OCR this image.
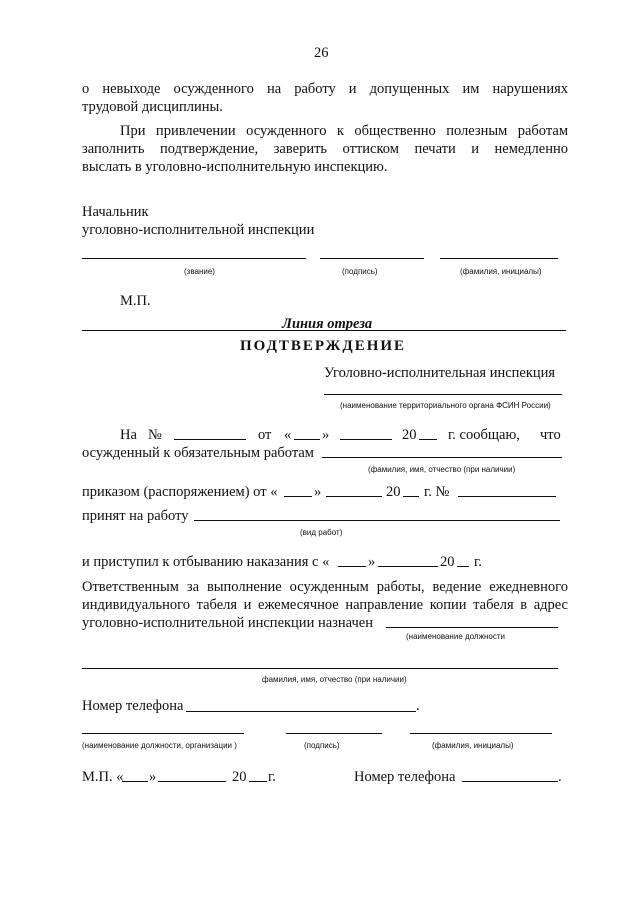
26
о невыходе осужденного на работу и допущенных им нарушениях
трудовой дисциплины.
При привлечении осужденного к общественно полезным работам
заполнить подтверждение, заверить оттиском печати и немедленно
выслать в уголовно-исполнительную инспекцию.
Начальник
уголовно-исполнительной инспекции
(звание)	(подпись)	(фамилия, инициалы)
М.П.
Линия отреза
ПОДТВЕРЖДЕНИЕ
Уголовно-исполнительная инспекция
(наименование территориального органа ФСИН России)
На №	от « »	20 г. сообщаю, что
осужденный к обязательным работам
(фамилия, имя, отчество (при наличии)
приказом (распоряжением) от «	»	20 г. №
принят на работу
(вид работ)
и приступил к отбыванию наказания с «	»	20 г.
Ответственным за выполнение осужденным работы, ведение ежедневного
индивидуального табеля и ежемесячное направление копии табеля в адрес
уголовно-исполнительной инспекции назначен
(наименование должности
фамилия, имя, отчество (при наличии)
Номер телефона	.
(наименование должности, организации )	(подпись)	(фамилия, инициалы)
М.П. « »	20 г.	Номер телефона	.
